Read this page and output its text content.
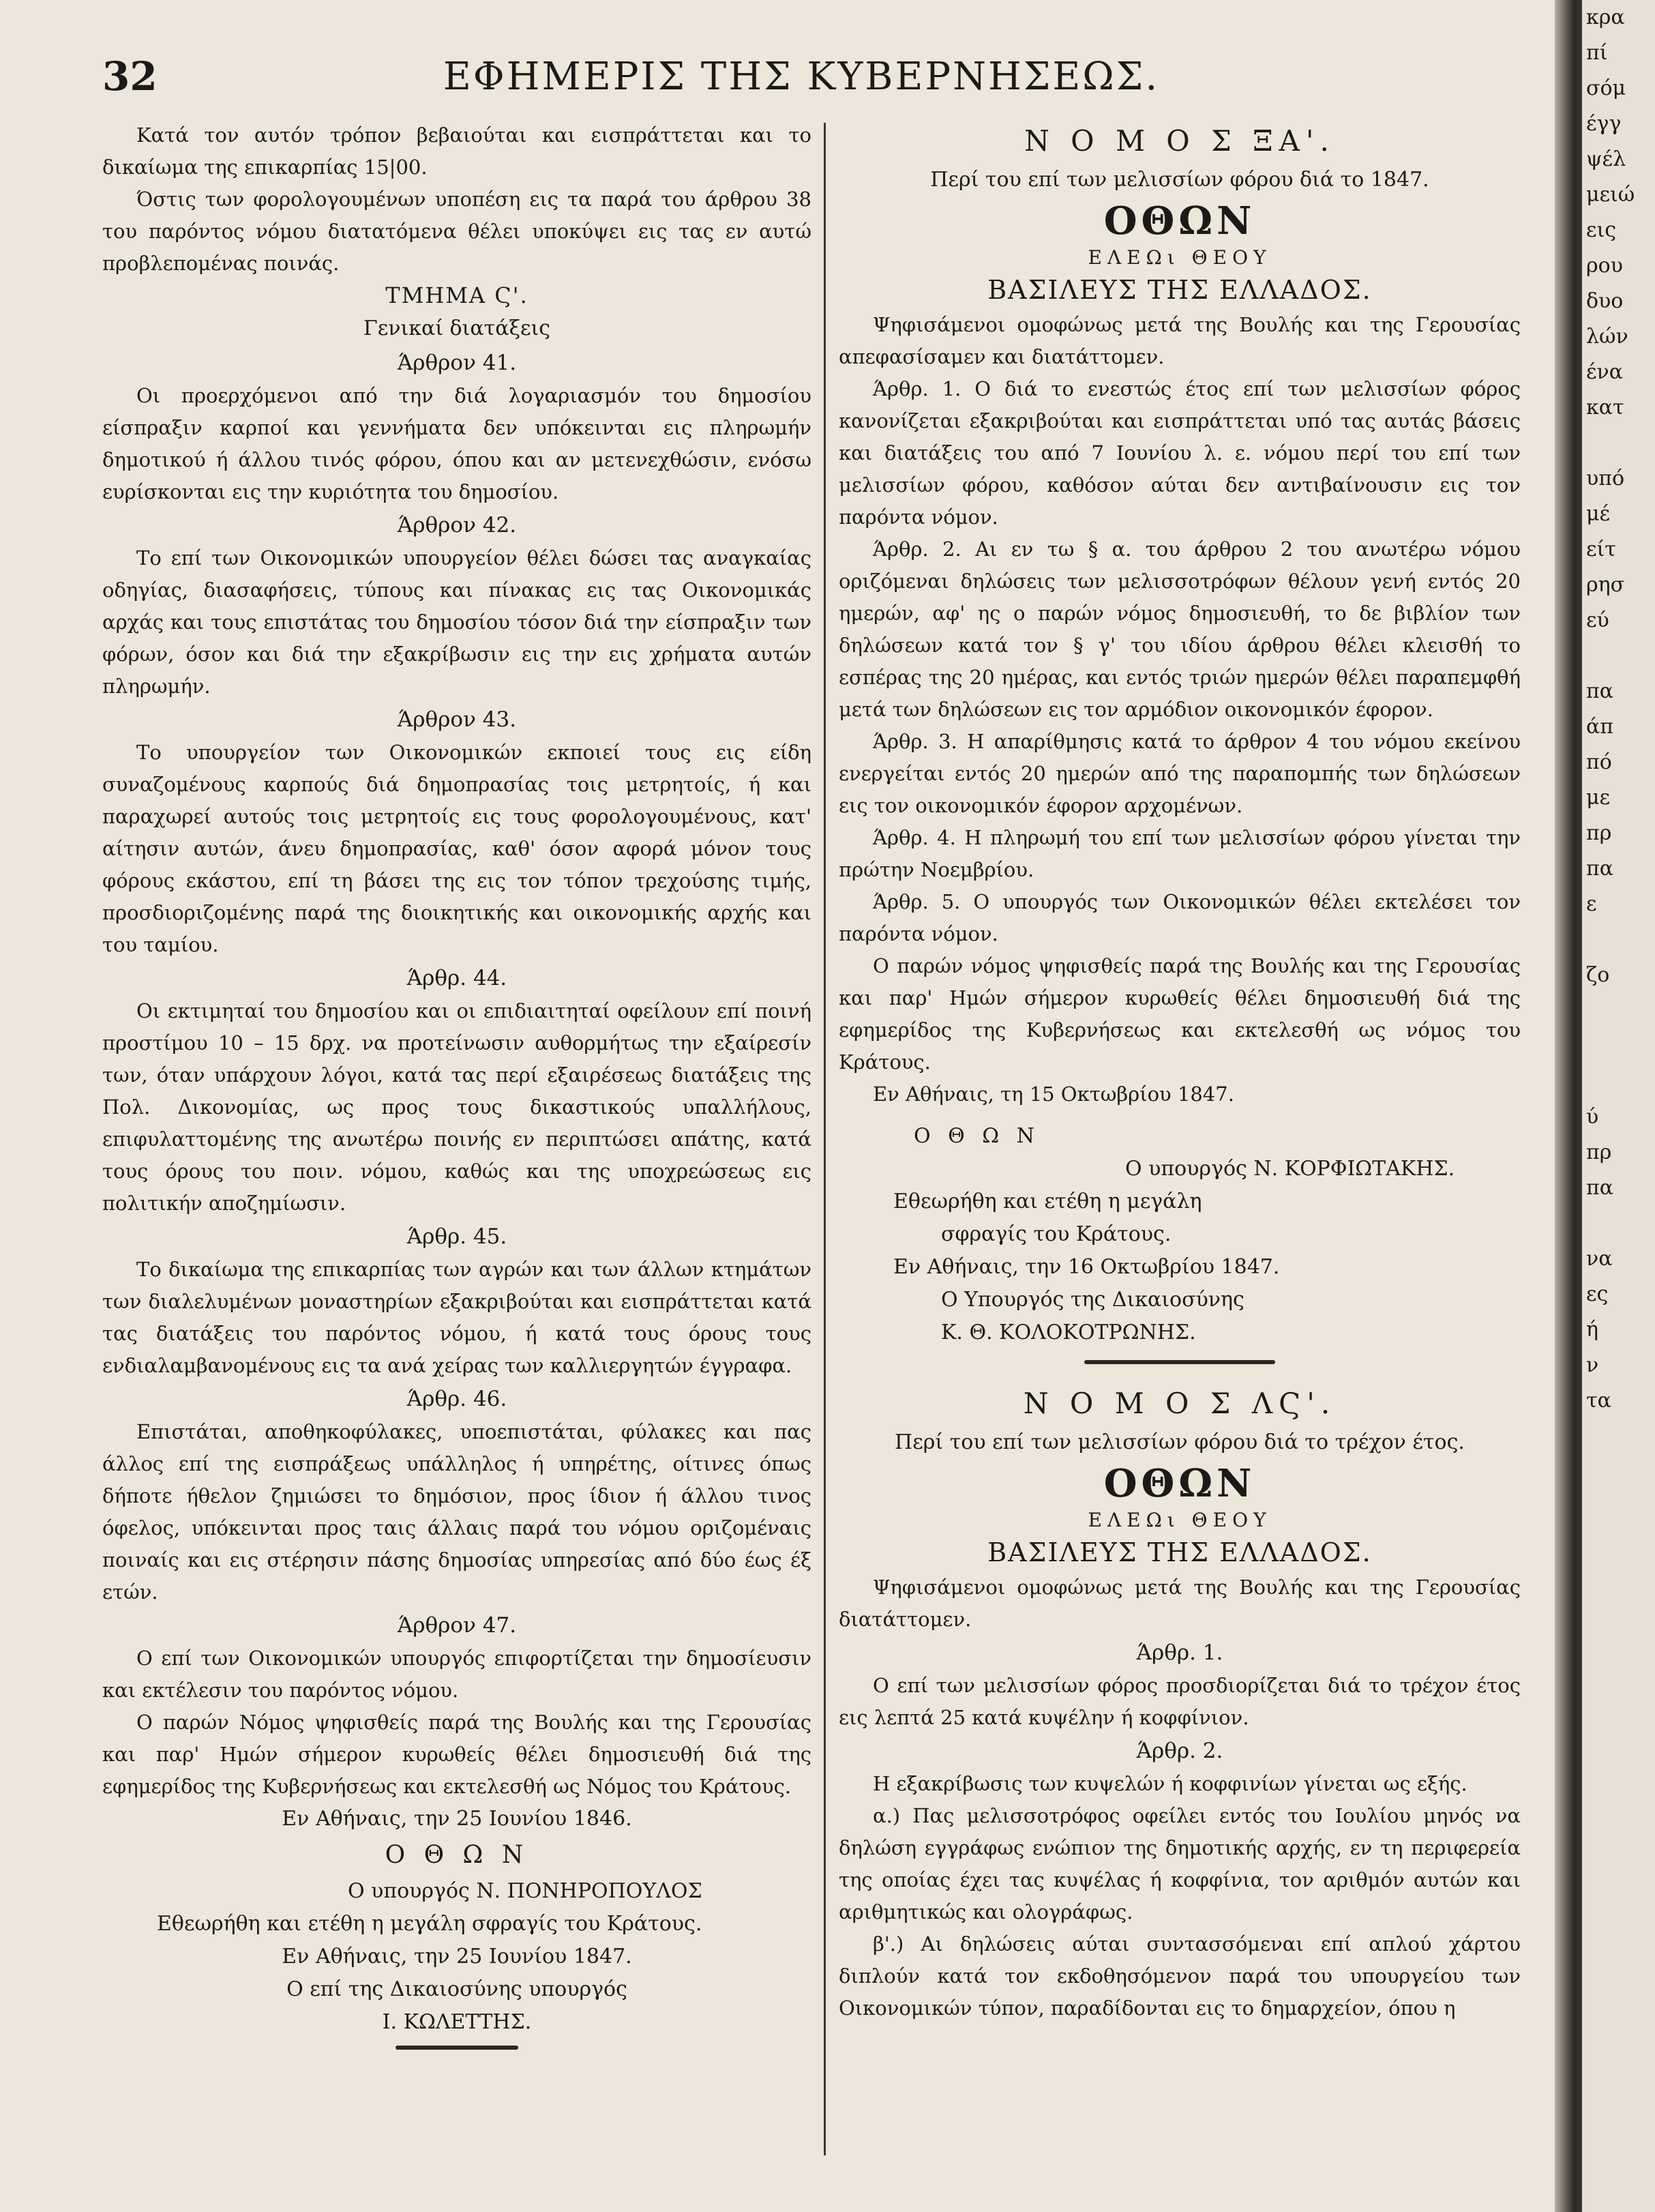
32	ΕΦΗΜΕΡΙΣ ΤΗΣ ΚΥΒΕΡΝΗΣΕΩΣ.

Κατά τον αυτόν τρόπον βεβαιούται και εισπράττεται και το δικαίωμα της επικαρπίας 15|00.

Όστις των φορολογουμένων υποπέση εις τα παρά του άρθρου 38 του παρόντος νόμου διατατόμενα θέλει υποκύψει εις τας εν αυτώ προβλεπομένας ποινάς.

ΤΜΗΜΑ Ϛ'.

Γενικαί διατάξεις

Άρθρον 41.

Οι προερχόμενοι από την διά λογαριασμόν του δημοσίου είσπραξιν καρποί και γεννήματα δεν υπόκεινται εις πληρωμήν δημοτικού ή άλλου τινός φόρου, όπου και αν μετενεχθώσιν, ενόσω ευρίσκονται εις την κυριότητα του δημοσίου.

Άρθρον 42.

Το επί των Οικονομικών υπουργείον θέλει δώσει τας αναγκαίας οδηγίας, διασαφήσεις, τύπους και πίνακας εις τας Οικονομικάς αρχάς και τους επιστάτας του δημοσίου τόσον διά την είσπραξιν των φόρων, όσον και διά την εξακρίβωσιν εις την εις χρήματα αυτών πληρωμήν.

Άρθρον 43.

Το υπουργείον των Οικονομικών εκποιεί τους εις είδη συναζομένους καρπούς διά δημοπρασίας τοις μετρητοίς, ή και παραχωρεί αυτούς τοις μετρητοίς εις τους φορολογουμένους, κατ' αίτησιν αυτών, άνευ δημοπρασίας, καθ' όσον αφορά μόνον τους φόρους εκάστου, επί τη βάσει της εις τον τόπον τρεχούσης τιμής, προσδιοριζομένης παρά της διοικητικής και οικονομικής αρχής και του ταμίου.

Άρθρ. 44.

Οι εκτιμηταί του δημοσίου και οι επιδιαιτηταί οφείλουν επί ποινή προστίμου 10 – 15 δρχ. να προτείνωσιν αυθορμήτως την εξαίρεσίν των, όταν υπάρχουν λόγοι, κατά τας περί εξαιρέσεως διατάξεις της Πολ. Δικονομίας, ως προς τους δικαστικούς υπαλλήλους, επιφυλαττομένης της ανωτέρω ποινής εν περιπτώσει απάτης, κατά τους όρους του ποιν. νόμου, καθώς και της υποχρεώσεως εις πολιτικήν αποζημίωσιν.

Άρθρ. 45.

Το δικαίωμα της επικαρπίας των αγρών και των άλλων κτημάτων των διαλελυμένων μοναστηρίων εξακριβούται και εισπράττεται κατά τας διατάξεις του παρόντος νόμου, ή κατά τους όρους τους ενδιαλαμβανομένους εις τα ανά χείρας των καλλιεργητών έγγραφα.

Άρθρ. 46.

Επιστάται, αποθηκοφύλακες, υποεπιστάται, φύλακες και πας άλλος επί της εισπράξεως υπάλληλος ή υπηρέτης, οίτινες όπως δήποτε ήθελον ζημιώσει το δημόσιον, προς ίδιον ή άλλου τινος όφελος, υπόκεινται προς ταις άλλαις παρά του νόμου οριζομέναις ποιναίς και εις στέρησιν πάσης δημοσίας υπηρεσίας από δύο έως έξ ετών.

Άρθρον 47.

Ο επί των Οικονομικών υπουργός επιφορτίζεται την δημοσίευσιν και εκτέλεσιν του παρόντος νόμου.

Ο παρών Νόμος ψηφισθείς παρά της Βουλής και της Γερουσίας και παρ' Ημών σήμερον κυρωθείς θέλει δημοσιευθή διά της εφημερίδος της Κυβερνήσεως και εκτελεσθή ως Νόμος του Κράτους.

Εν Αθήναις, την 25 Ιουνίου 1846.

Ο Θ Ω Ν

Ο υπουργός Ν. ΠΟΝΗΡΟΠΟΥΛΟΣ

Εθεωρήθη και ετέθη η μεγάλη σφραγίς του Κράτους.

Εν Αθήναις, την 25 Ιουνίου 1847.

Ο επί της Δικαιοσύνης υπουργός

Ι. ΚΩΛΕΤΤΗΣ.

Ν Ο Μ Ο Σ ΞΑ'.

Περί του επί των μελισσίων φόρου διά το 1847.

ΟΘΩΝ

ΕΛΕΩι ΘΕΟΥ

ΒΑΣΙΛΕΥΣ ΤΗΣ ΕΛΛΑΔΟΣ.

Ψηφισάμενοι ομοφώνως μετά της Βουλής και της Γερουσίας απεφασίσαμεν και διατάττομεν.

Άρθρ. 1. Ο διά το ενεστώς έτος επί των μελισσίων φόρος κανονίζεται εξακριβούται και εισπράττεται υπό τας αυτάς βάσεις και διατάξεις του από 7 Ιουνίου λ. ε. νόμου περί του επί των μελισσίων φόρου, καθόσον αύται δεν αντιβαίνουσιν εις τον παρόντα νόμον.

Άρθρ. 2. Αι εν τω § α. του άρθρου 2 του ανωτέρω νόμου οριζόμεναι δηλώσεις των μελισσοτρόφων θέλουν γενή εντός 20 ημερών, αφ' ης ο παρών νόμος δημοσιευθή, το δε βιβλίον των δηλώσεων κατά τον § γ' του ιδίου άρθρου θέλει κλεισθή το εσπέρας της 20 ημέρας, και εντός τριών ημερών θέλει παραπεμφθή μετά των δηλώσεων εις τον αρμόδιον οικονομικόν έφορον.

Άρθρ. 3. Η απαρίθμησις κατά το άρθρον 4 του νόμου εκείνου ενεργείται εντός 20 ημερών από της παραπομπής των δηλώσεων εις τον οικονομικόν έφορον αρχομένων.

Άρθρ. 4. Η πληρωμή του επί των μελισσίων φόρου γίνεται την πρώτην Νοεμβρίου.

Άρθρ. 5. Ο υπουργός των Οικονομικών θέλει εκτελέσει τον παρόντα νόμον.

Ο παρών νόμος ψηφισθείς παρά της Βουλής και της Γερουσίας και παρ' Ημών σήμερον κυρωθείς θέλει δημοσιευθή διά της εφημερίδος της Κυβερνήσεως και εκτελεσθή ως νόμος του Κράτους.

Εν Αθήναις, τη 15 Οκτωβρίου 1847.

Ο Θ Ω Ν

Ο υπουργός Ν. ΚΟΡΦΙΩΤΑΚΗΣ.

Εθεωρήθη και ετέθη η μεγάλη

σφραγίς του Κράτους.

Εν Αθήναις, την 16 Οκτωβρίου 1847.

Ο Υπουργός της Δικαιοσύνης

Κ. Θ. ΚΟΛΟΚΟΤΡΩΝΗΣ.

Ν Ο Μ Ο Σ ΛϚ'.

Περί του επί των μελισσίων φόρου διά το τρέχον έτος.

ΟΘΩΝ

ΕΛΕΩι ΘΕΟΥ

ΒΑΣΙΛΕΥΣ ΤΗΣ ΕΛΛΑΔΟΣ.

Ψηφισάμενοι ομοφώνως μετά της Βουλής και της Γερουσίας διατάττομεν.

Άρθρ. 1.

Ο επί των μελισσίων φόρος προσδιορίζεται διά το τρέχον έτος εις λεπτά 25 κατά κυψέλην ή κοφφίνιον.

Άρθρ. 2.

Η εξακρίβωσις των κυψελών ή κοφφινίων γίνεται ως εξής.

α.) Πας μελισσοτρόφος οφείλει εντός του Ιουλίου μηνός να δηλώση εγγράφως ενώπιον της δημοτικής αρχής, εν τη περιφερεία της οποίας έχει τας κυψέλας ή κοφφίνια, τον αριθμόν αυτών και αριθμητικώς και ολογράφως.

β'.) Αι δηλώσεις αύται συντασσόμεναι επί απλού χάρτου διπλούν κατά τον εκδοθησόμενον παρά του υπουργείου των Οικονομικών τύπον, παραδίδονται εις το δημαρχείον, όπου η

κρα
πί
σόμ
έγγ
ψέλ
μειώ
εις
ρου
δυο
λών
ένα
κατ

υπό
μέ
είτ
ρησ
εύ

πα
άπ
πό
με
πρ
πα
ε

ζο

ύ
πρ
πα

να
ες
ή
ν
τα
